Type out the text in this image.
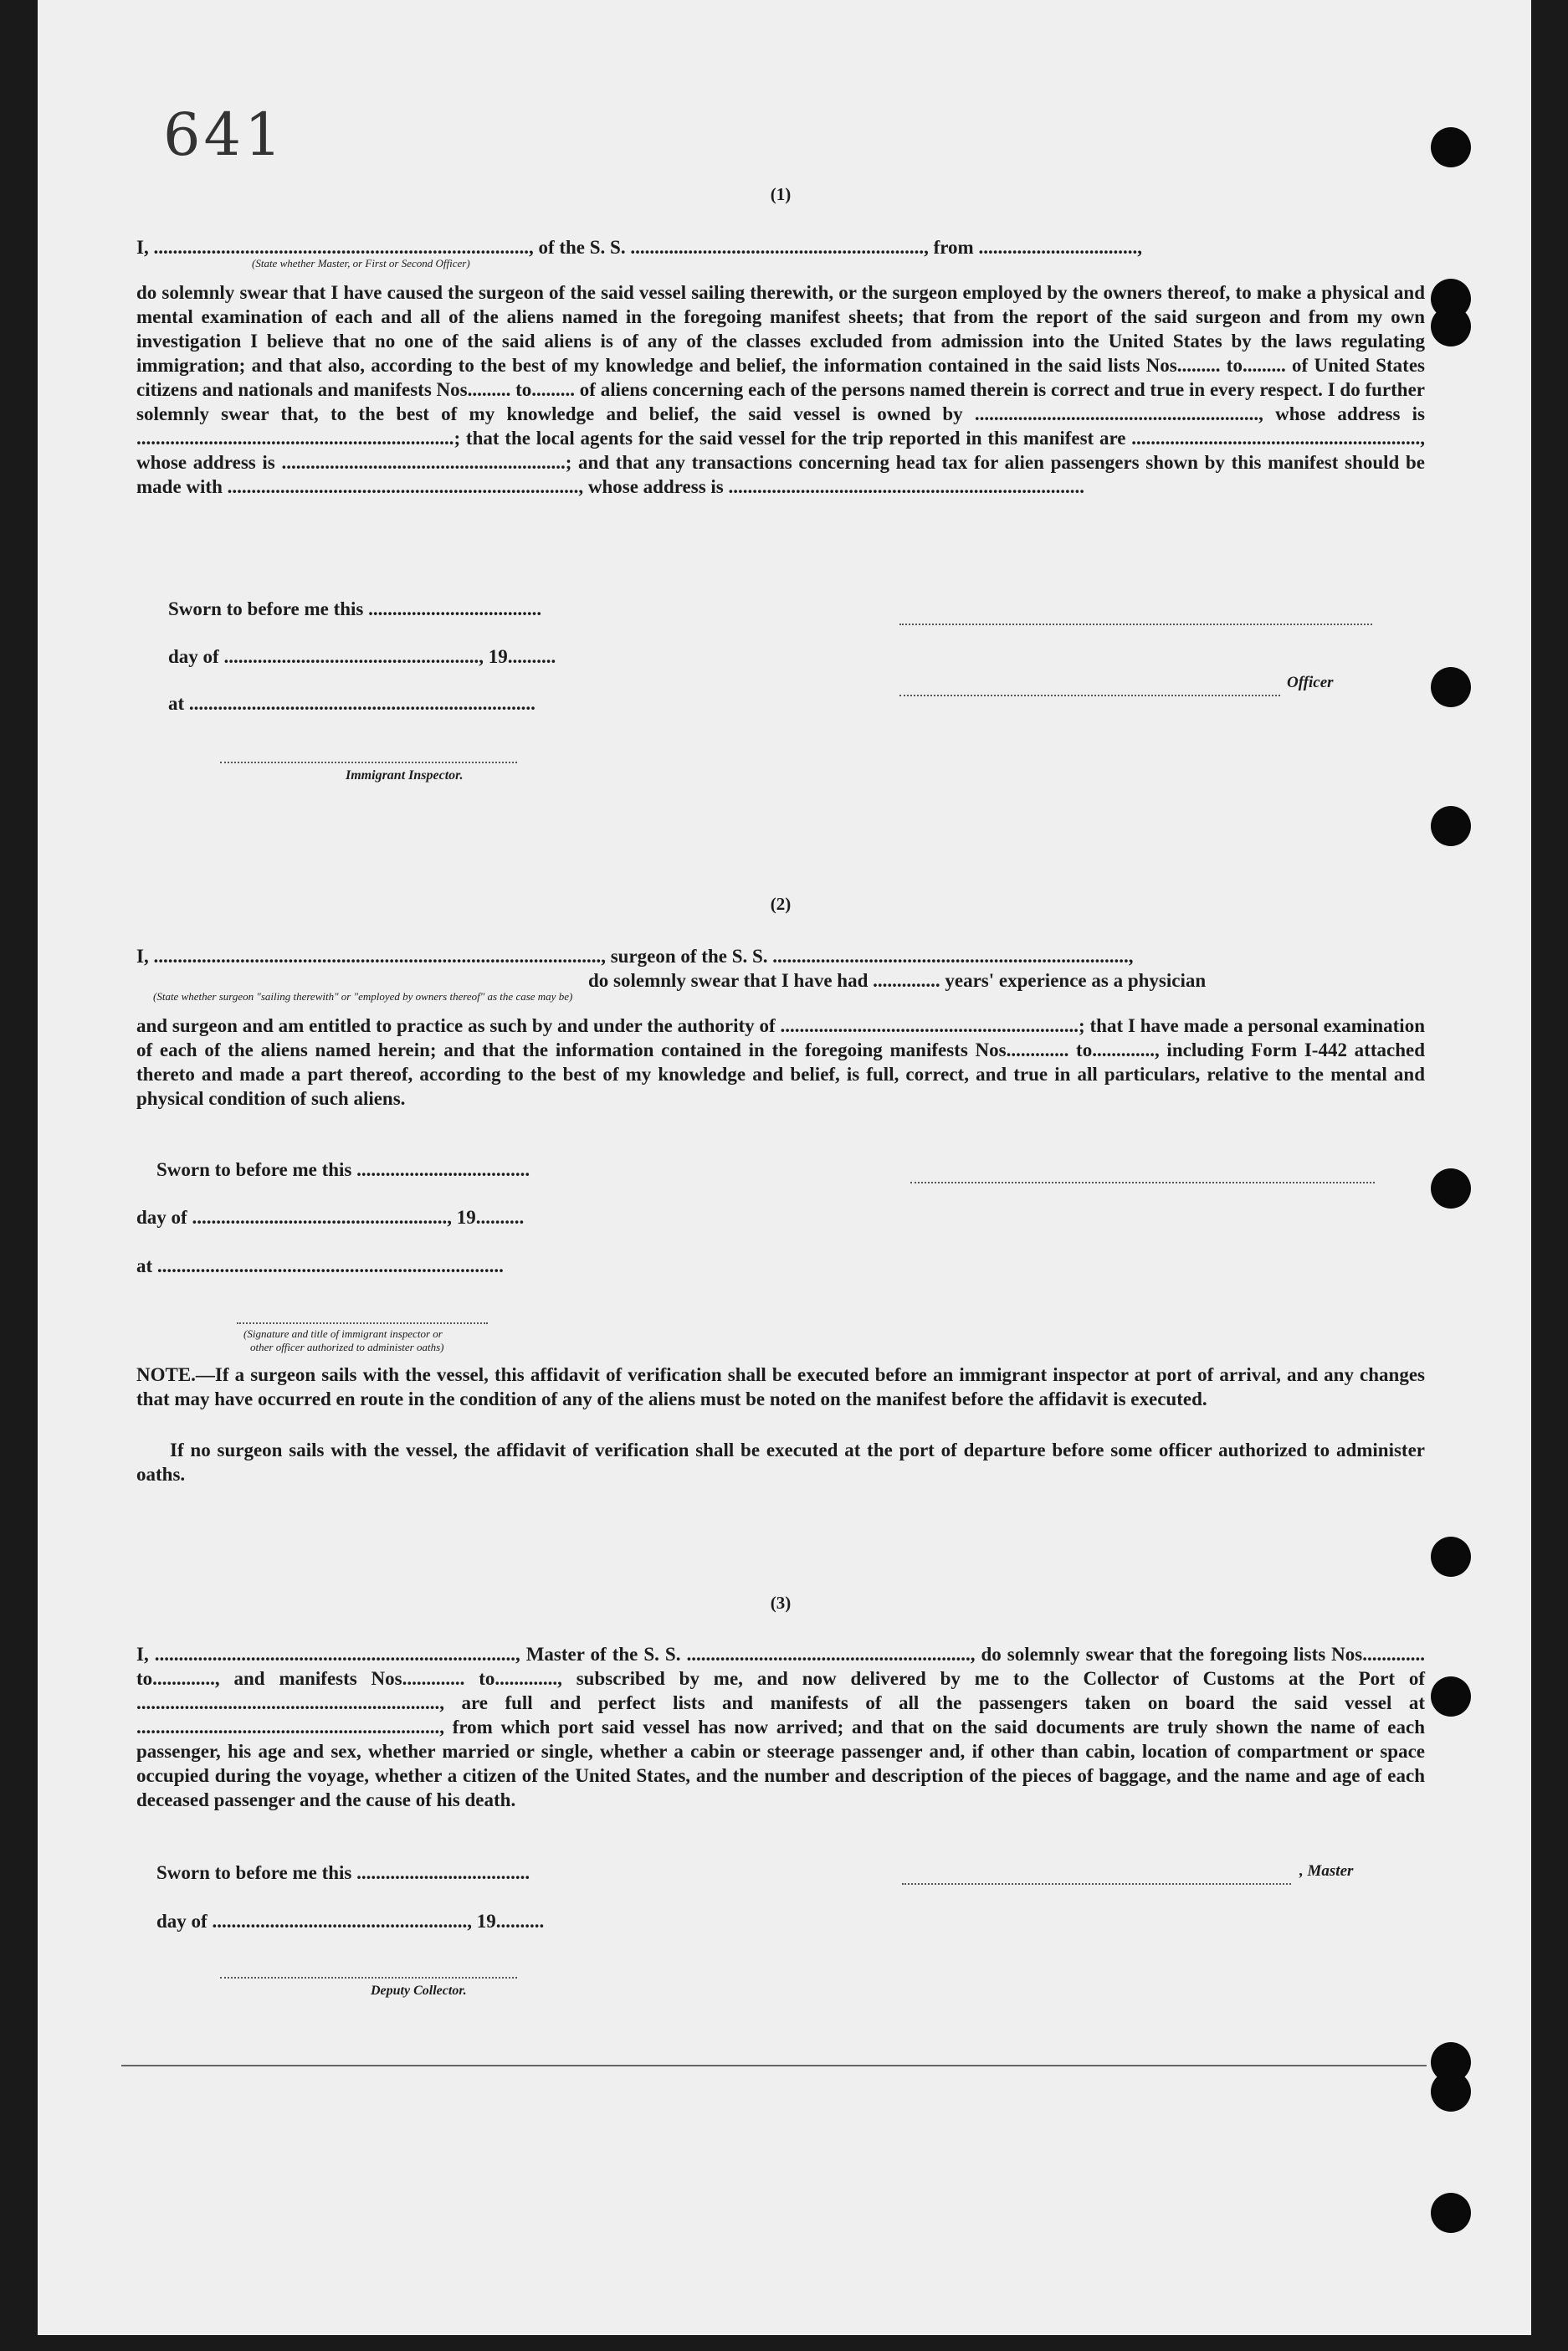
641
(1)
I, .............................................................................., of the S. S. ............................................................., from .................................,
(State whether Master, or First or Second Officer)
do solemnly swear that I have caused the surgeon of the said vessel sailing therewith, or the surgeon employed by the owners thereof, to make a physical and mental examination of each and all of the aliens named in the foregoing manifest sheets; that from the report of the said surgeon and from my own investigation I believe that no one of the said aliens is of any of the classes excluded from admission into the United States by the laws regulating immigration; and that also, according to the best of my knowledge and belief, the information contained in the said lists Nos......... to......... of United States citizens and nationals and manifests Nos......... to......... of aliens concerning each of the persons named therein is correct and true in every respect. I do further solemnly swear that, to the best of my knowledge and belief, the said vessel is owned by ..........................................................., whose address is ..................................................................; that the local agents for the said vessel for the trip reported in this manifest are ............................................................, whose address is ...........................................................; and that any transactions concerning head tax for alien passengers shown by this manifest should be made with ........................................................................., whose address is ..........................................................................
Sworn to before me this ....................................
day of ....................................................., 19..........
at ........................................................................
Officer
Immigrant Inspector.
(2)
I, ............................................................................................., surgeon of the S. S. ..........................................................................,
do solemnly swear that I have had .............. years' experience as a physician
(State whether surgeon "sailing therewith" or "employed by owners thereof" as the case may be)
and surgeon and am entitled to practice as such by and under the authority of ..............................................................; that I have made a personal examination of each of the aliens named herein; and that the information contained in the foregoing manifests Nos............. to............., including Form I-442 attached thereto and made a part thereof, according to the best of my knowledge and belief, is full, correct, and true in all particulars, relative to the mental and physical condition of such aliens.
Sworn to before me this ....................................
day of ....................................................., 19..........
at ........................................................................
(Signature and title of immigrant inspector or
other officer authorized to administer oaths)
NOTE.—If a surgeon sails with the vessel, this affidavit of verification shall be executed before an immigrant inspector at port of arrival, and any changes that may have occurred en route in the condition of any of the aliens must be noted on the manifest before the affidavit is executed.
If no surgeon sails with the vessel, the affidavit of verification shall be executed at the port of departure before some officer authorized to administer oaths.
(3)
I, ..........................................................................., Master of the S. S. ..........................................................., do solemnly swear that the foregoing lists Nos............. to............., and manifests Nos............. to............., subscribed by me, and now delivered by me to the Collector of Customs at the Port of ..............................................................., are full and perfect lists and manifests of all the passengers taken on board the said vessel at ..............................................................., from which port said vessel has now arrived; and that on the said documents are truly shown the name of each passenger, his age and sex, whether married or single, whether a cabin or steerage passenger and, if other than cabin, location of compartment or space occupied during the voyage, whether a citizen of the United States, and the number and description of the pieces of baggage, and the name and age of each deceased passenger and the cause of his death.
Sworn to before me this ....................................
day of ....................................................., 19..........
, Master
Deputy Collector.
